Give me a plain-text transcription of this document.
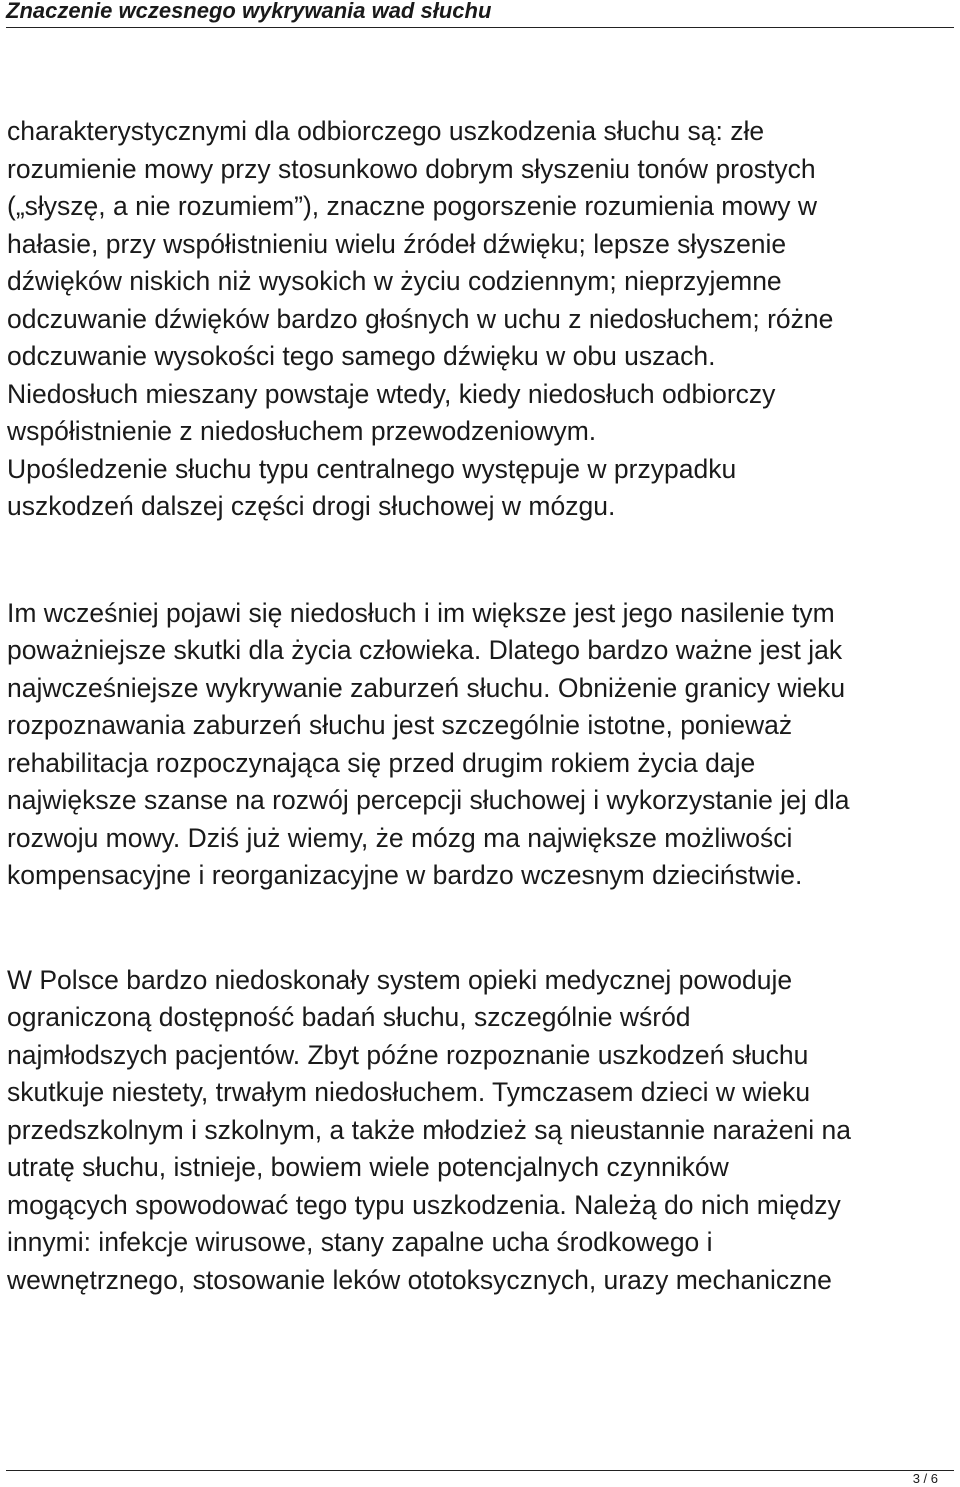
Znaczenie wczesnego wykrywania wad słuchu
charakterystycznymi dla odbiorczego uszkodzenia słuchu są: złe
rozumienie mowy przy stosunkowo dobrym słyszeniu tonów prostych
(„słyszę, a nie rozumiem”), znaczne pogorszenie rozumienia mowy w
hałasie, przy współistnieniu wielu źródeł dźwięku; lepsze słyszenie
dźwięków niskich niż wysokich w życiu codziennym; nieprzyjemne
odczuwanie dźwięków bardzo głośnych w uchu z niedosłuchem; różne
odczuwanie wysokości tego samego dźwięku w obu uszach.
Niedosłuch mieszany powstaje wtedy, kiedy niedosłuch odbiorczy
współistnienie z niedosłuchem przewodzeniowym.
Upośledzenie słuchu typu centralnego występuje w przypadku
uszkodzeń dalszej części drogi słuchowej w mózgu.
Im wcześniej pojawi się niedosłuch i im większe jest jego nasilenie tym
poważniejsze skutki dla życia człowieka. Dlatego bardzo ważne jest jak
najwcześniejsze wykrywanie zaburzeń słuchu. Obniżenie granicy wieku
rozpoznawania zaburzeń słuchu jest szczególnie istotne, ponieważ
rehabilitacja rozpoczynająca się przed drugim rokiem życia daje
największe szanse na rozwój percepcji słuchowej i wykorzystanie jej dla
rozwoju mowy. Dziś już wiemy, że mózg ma największe możliwości
kompensacyjne i reorganizacyjne w bardzo wczesnym dzieciństwie.
W Polsce bardzo niedoskonały system opieki medycznej powoduje
ograniczoną dostępność badań słuchu, szczególnie wśród
najmłodszych pacjentów. Zbyt późne rozpoznanie uszkodzeń słuchu
skutkuje niestety, trwałym niedosłuchem. Tymczasem dzieci w wieku
przedszkolnym i szkolnym, a także młodzież są nieustannie narażeni na
utratę słuchu, istnieje, bowiem wiele potencjalnych czynników
mogących spowodować tego typu uszkodzenia. Należą do nich między
innymi: infekcje wirusowe, stany zapalne ucha środkowego i
wewnętrznego, stosowanie leków ototoksycznych, urazy mechaniczne
3 / 6
